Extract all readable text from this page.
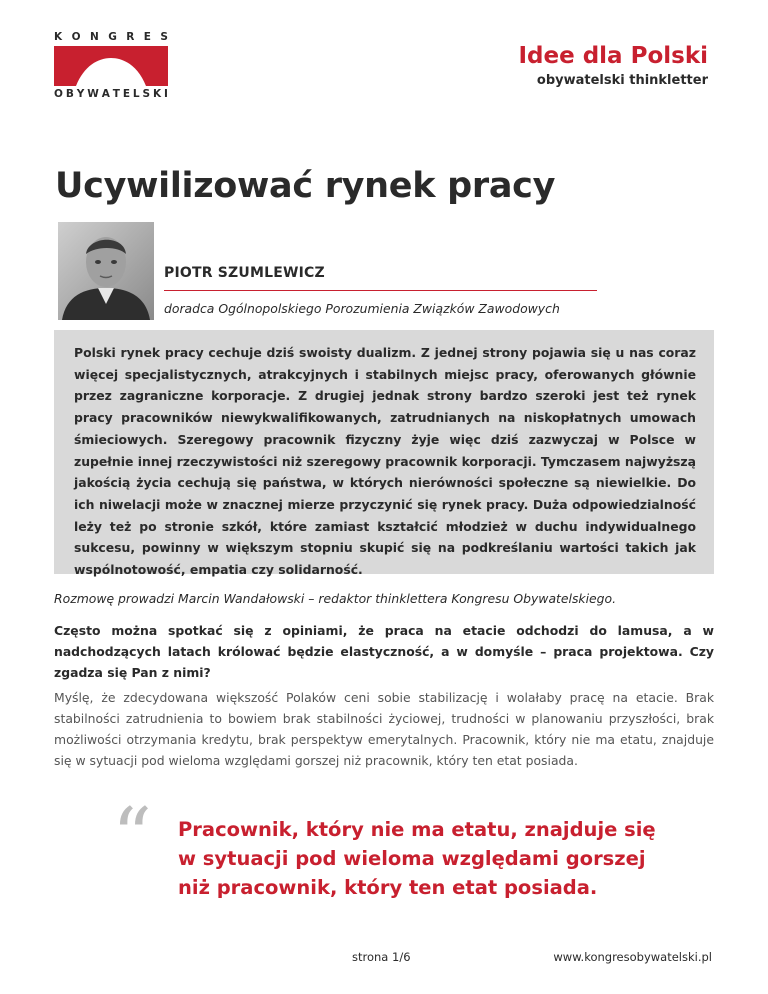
K O N G R E S
O B Y W A T E L S K I
Idee dla Polski
obywatelski thinkletter
Ucywilizować rynek pracy
PIOTR SZUMLEWICZ
doradca Ogólnopolskiego Porozumienia Związków Zawodowych
Polski rynek pracy cechuje dziś swoisty dualizm. Z jednej strony pojawia się u nas coraz więcej specjalistycznych, atrakcyjnych i stabilnych miejsc pracy, oferowanych głównie przez zagraniczne korporacje. Z drugiej jednak strony bardzo szeroki jest też rynek pracy pracowników niewykwalifikowanych, zatrudnianych na niskopłatnych umowach śmieciowych. Szeregowy pracownik fizyczny żyje więc dziś zazwyczaj w Polsce w zupełnie innej rzeczywistości niż szeregowy pracownik korporacji. Tymczasem najwyższą jakością życia cechują się państwa, w których nierówności społeczne są niewielkie. Do ich niwelacji może w znacznej mierze przyczynić się rynek pracy. Duża odpowiedzialność leży też po stronie szkół, które zamiast kształcić młodzież w duchu indywidualnego sukcesu, powinny w większym stopniu skupić się na podkreślaniu wartości takich jak wspólnotowość, empatia czy solidarność.
Rozmowę prowadzi Marcin Wandałowski – redaktor thinklettera Kongresu Obywatelskiego.
Często można spotkać się z opiniami, że praca na etacie odchodzi do lamusa, a w nadchodzących latach królować będzie elastyczność, a w domyśle – praca projektowa. Czy zgadza się Pan z nimi?
Myślę, że zdecydowana większość Polaków ceni sobie stabilizację i wolałaby pracę na etacie. Brak stabilności zatrudnienia to bowiem brak stabilności życiowej, trudności w planowaniu przyszłości, brak możliwości otrzymania kredytu, brak perspektyw emerytalnych. Pracownik, który nie ma etatu, znajduje się w sytuacji pod wieloma względami gorszej niż pracownik, który ten etat posiada.
“ Pracownik, który nie ma etatu, znajduje się w sytuacji pod wieloma względami gorszej niż pracownik, który ten etat posiada.
strona 1/6	www.kongresobywatelski.pl
